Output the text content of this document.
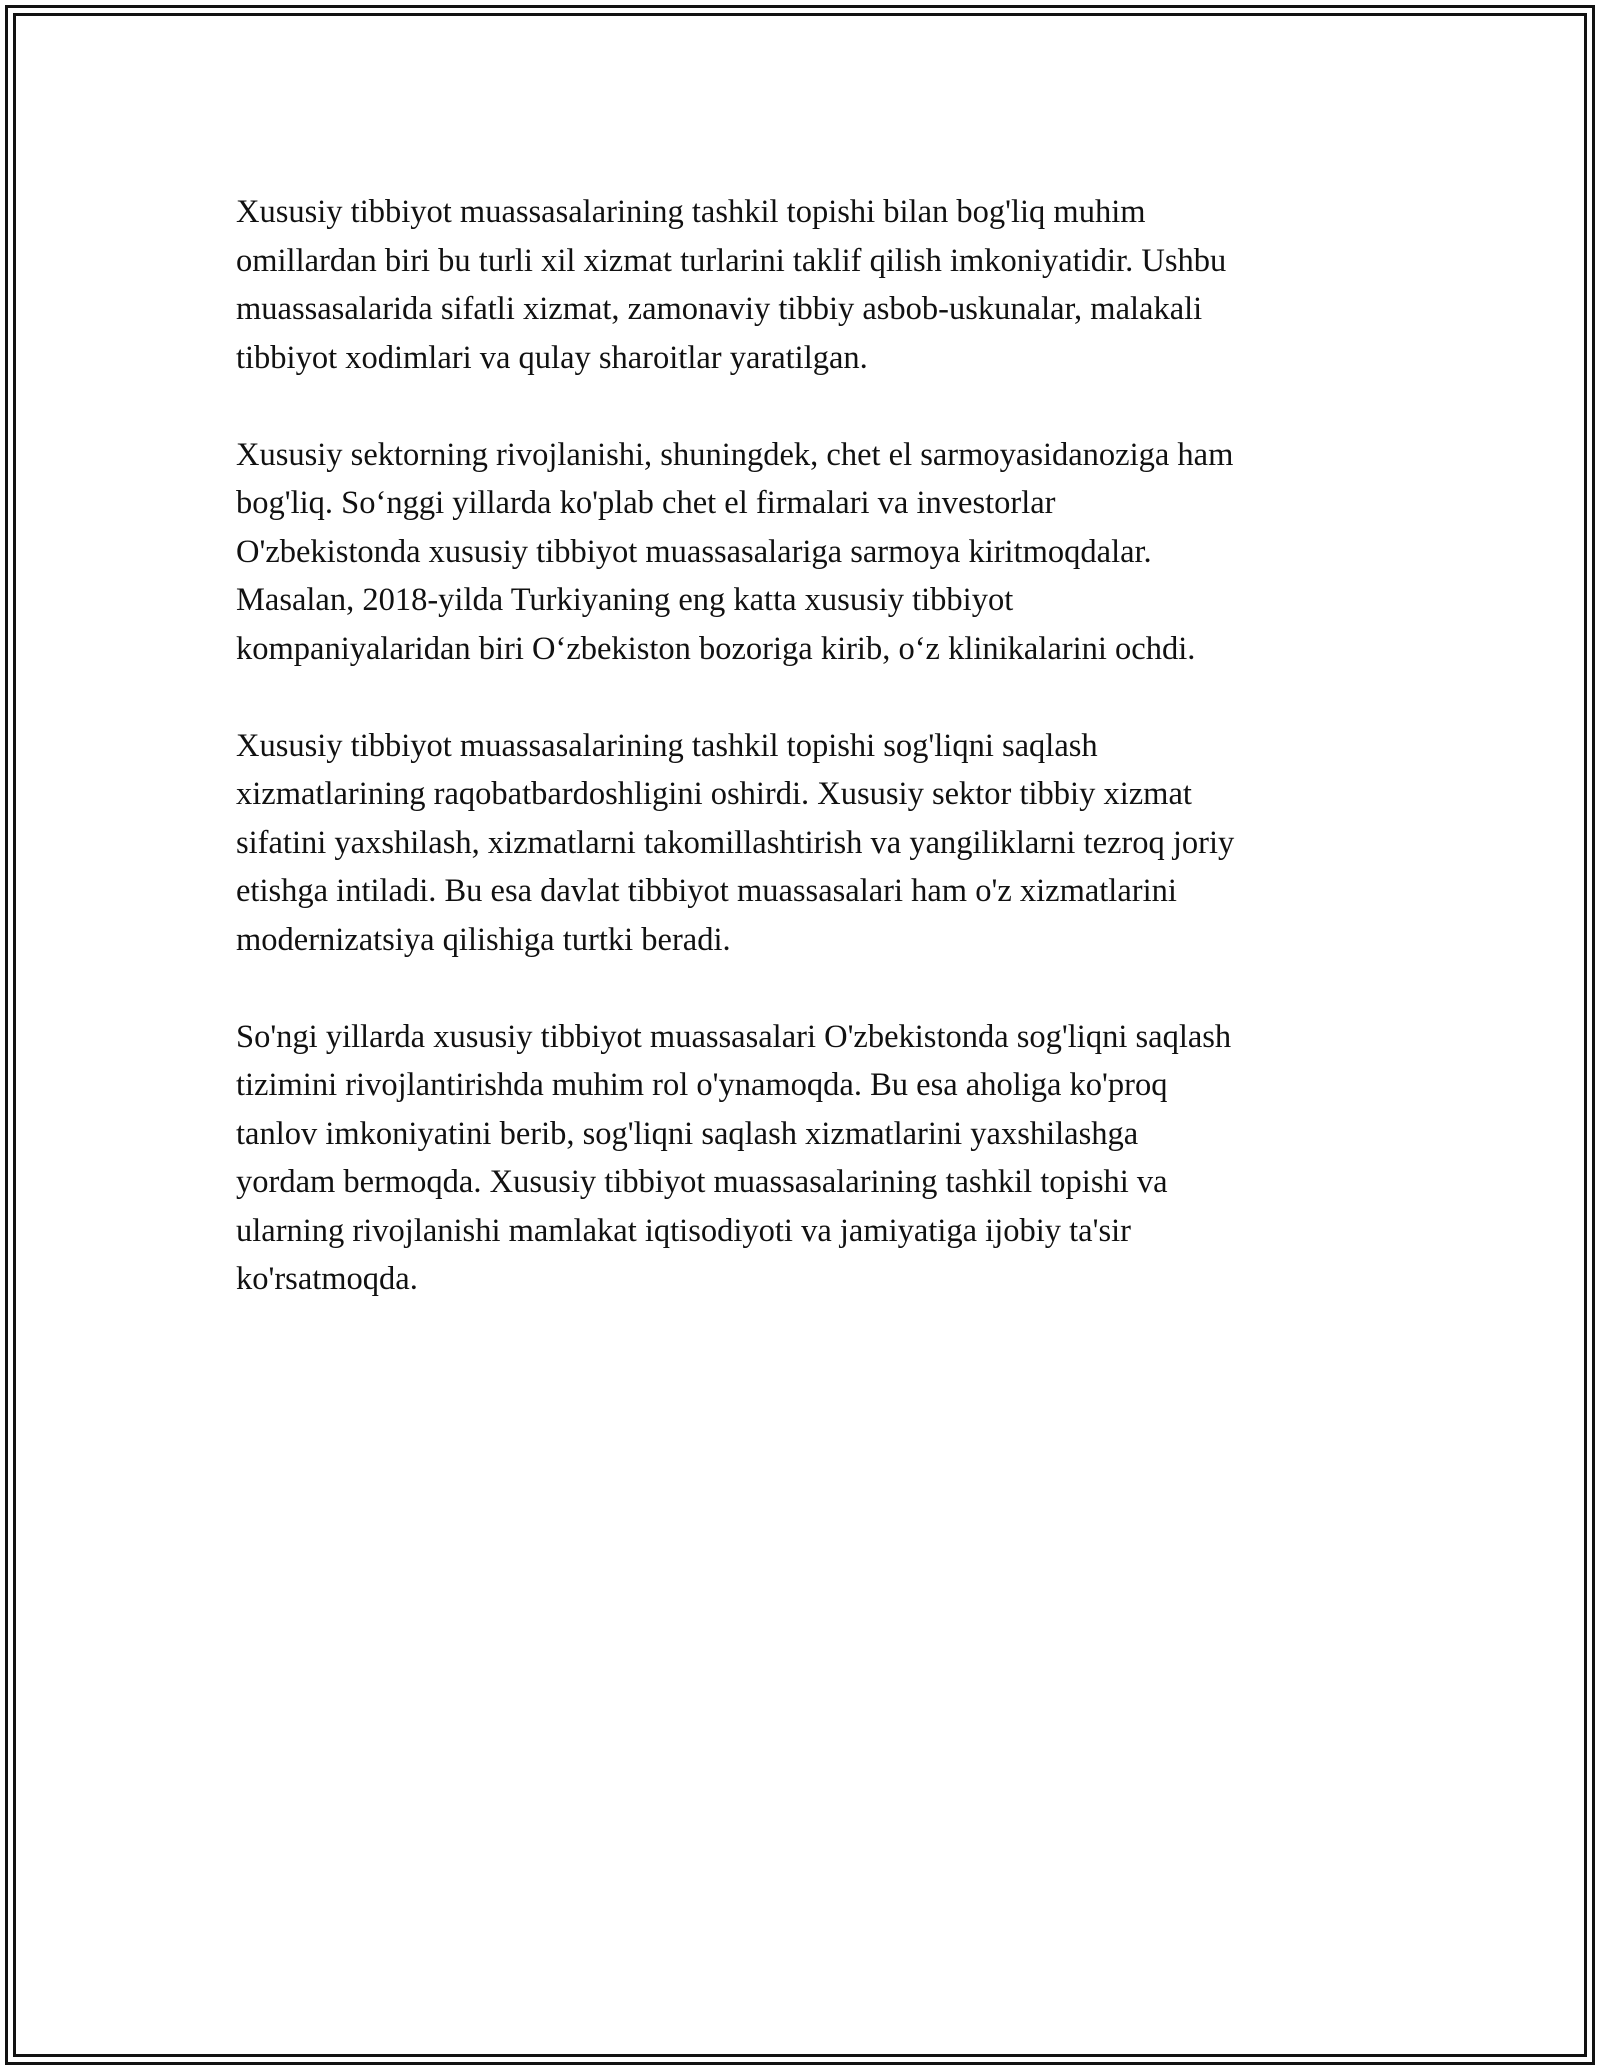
Xususiy tibbiyot muassasalarining tashkil topishi bilan bog'liq muhim
omillardan biri bu turli xil xizmat turlarini taklif qilish imkoniyatidir. Ushbu
muassasalarida sifatli xizmat, zamonaviy tibbiy asbob-uskunalar, malakali
tibbiyot xodimlari va qulay sharoitlar yaratilgan.

Xususiy sektorning rivojlanishi, shuningdek, chet el sarmoyasidanoziga ham
bog'liq. So‘nggi yillarda ko'plab chet el firmalari va investorlar
O'zbekistonda xususiy tibbiyot muassasalariga sarmoya kiritmoqdalar.
Masalan, 2018-yilda Turkiyaning eng katta xususiy tibbiyot
kompaniyalaridan biri O‘zbekiston bozoriga kirib, o‘z klinikalarini ochdi.

Xususiy tibbiyot muassasalarining tashkil topishi sog'liqni saqlash
xizmatlarining raqobatbardoshligini oshirdi. Xususiy sektor tibbiy xizmat
sifatini yaxshilash, xizmatlarni takomillashtirish va yangiliklarni tezroq joriy
etishga intiladi. Bu esa davlat tibbiyot muassasalari ham o'z xizmatlarini
modernizatsiya qilishiga turtki beradi.

So'ngi yillarda xususiy tibbiyot muassasalari O'zbekistonda sog'liqni saqlash
tizimini rivojlantirishda muhim rol o'ynamoqda. Bu esa aholiga ko'proq
tanlov imkoniyatini berib, sog'liqni saqlash xizmatlarini yaxshilashga
yordam bermoqda. Xususiy tibbiyot muassasalarining tashkil topishi va
ularning rivojlanishi mamlakat iqtisodiyoti va jamiyatiga ijobiy ta'sir
ko'rsatmoqda.
